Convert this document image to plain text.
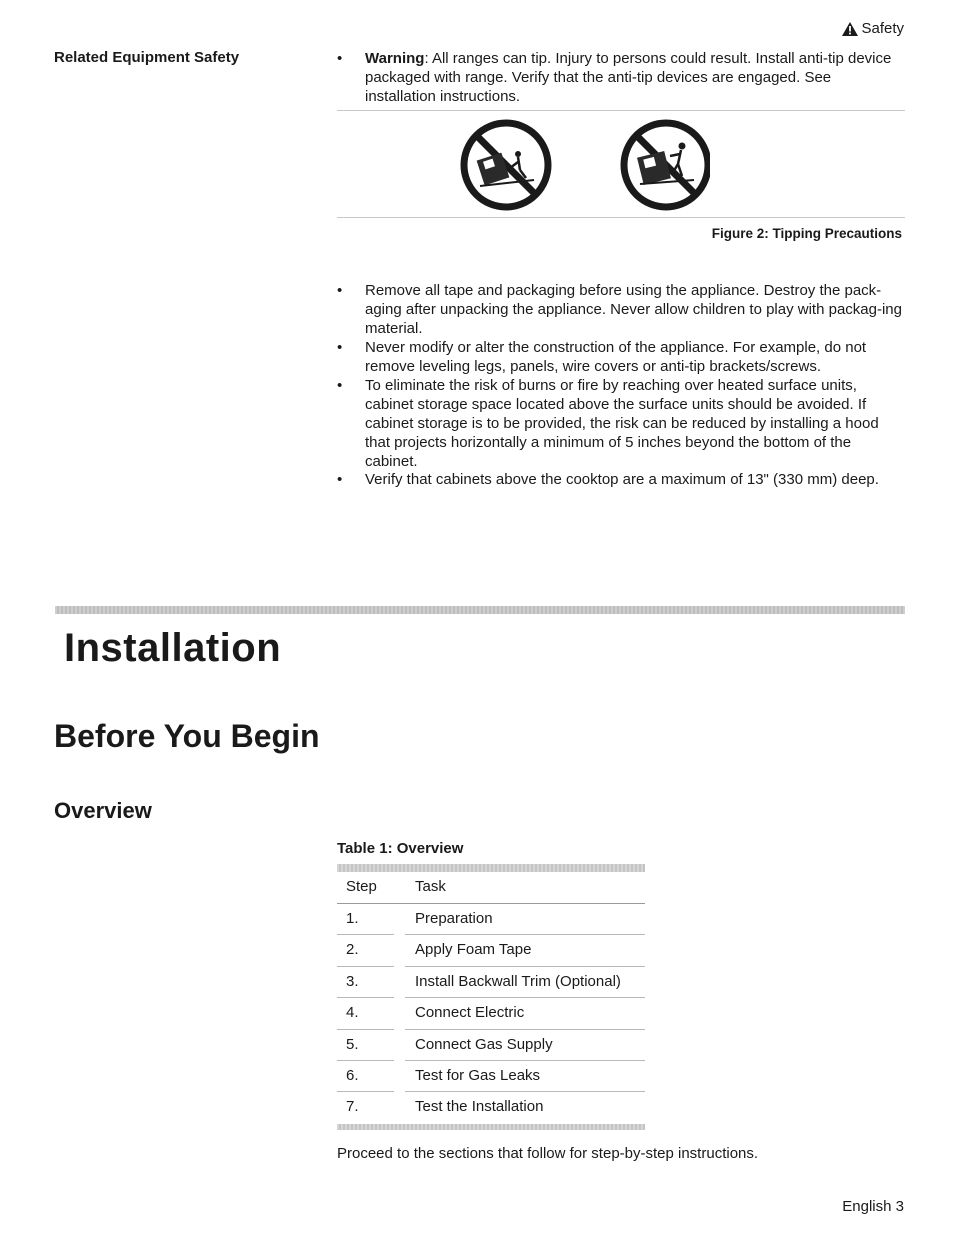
Safety
Related Equipment Safety	•	Warning: All ranges can tip. Injury to persons could result. Install anti-tip device packaged with range. Verify that the anti-tip devices are engaged. See installation instructions.
Figure 2: Tipping Precautions
•	Remove all tape and packaging before using the appliance. Destroy the pack-aging after unpacking the appliance. Never allow children to play with packag-ing material.
•	Never modify or alter the construction of the appliance. For example, do not remove leveling legs, panels, wire covers or anti-tip brackets/screws.
•	To eliminate the risk of burns or fire by reaching over heated surface units, cabinet storage space located above the surface units should be avoided. If cabinet storage is to be provided, the risk can be reduced by installing a hood that projects horizontally a minimum of 5 inches beyond the bottom of the cabinet.
•	Verify that cabinets above the cooktop are a maximum of 13" (330 mm) deep.
Installation
Before You Begin
Overview
Table 1: Overview
Step	Task
1.	Preparation
2.	Apply Foam Tape
3.	Install Backwall Trim (Optional)
4.	Connect Electric
5.	Connect Gas Supply
6.	Test for Gas Leaks
7.	Test the Installation
Proceed to the sections that follow for step-by-step instructions.
English 3
